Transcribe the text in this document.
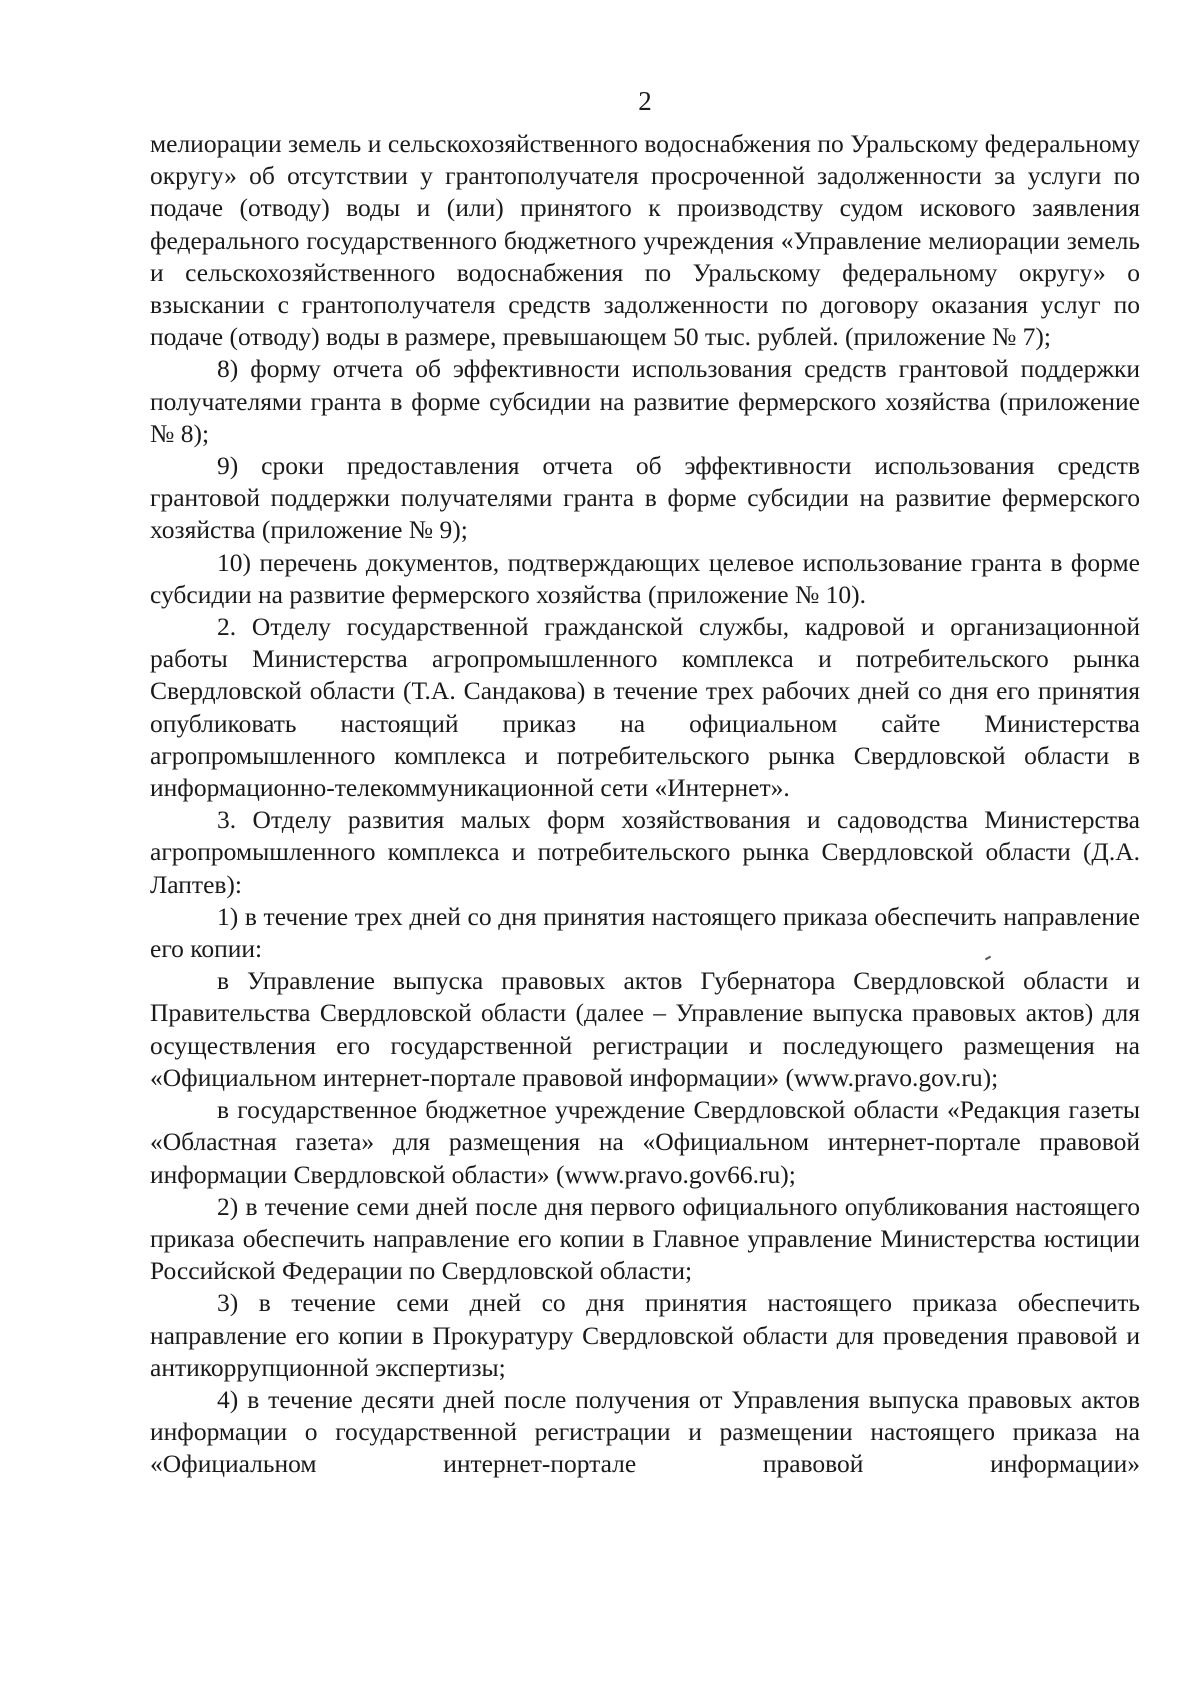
2

мелиорации земель и сельскохозяйственного водоснабжения по Уральскому федеральному округу» об отсутствии у грантополучателя просроченной задолженности за услуги по подаче (отводу) воды и (или) принятого к производству судом искового заявления федерального государственного бюджетного учреждения «Управление мелиорации земель и сельскохозяйственного водоснабжения по Уральскому федеральному округу» о взыскании с грантополучателя средств задолженности по договору оказания услуг по подаче (отводу) воды в размере, превышающем 50 тыс. рублей. (приложение № 7);

8) форму отчета об эффективности использования средств грантовой поддержки получателями гранта в форме субсидии на развитие фермерского хозяйства (приложение № 8);

9) сроки предоставления отчета об эффективности использования средств грантовой поддержки получателями гранта в форме субсидии на развитие фермерского хозяйства (приложение № 9);

10) перечень документов, подтверждающих целевое использование гранта в форме субсидии на развитие фермерского хозяйства (приложение № 10).

2. Отделу государственной гражданской службы, кадровой и организационной работы Министерства агропромышленного комплекса и потребительского рынка Свердловской области (Т.А. Сандакова) в течение трех рабочих дней со дня его принятия опубликовать настоящий приказ на официальном сайте Министерства агропромышленного комплекса и потребительского рынка Свердловской области в информационно-телекоммуникационной сети «Интернет».

3. Отделу развития малых форм хозяйствования и садоводства Министерства агропромышленного комплекса и потребительского рынка Свердловской области (Д.А. Лаптев):

1) в течение трех дней со дня принятия настоящего приказа обеспечить направление его копии:

в Управление выпуска правовых актов Губернатора Свердловской области и Правительства Свердловской области (далее – Управление выпуска правовых актов) для осуществления его государственной регистрации и последующего размещения на «Официальном интернет-портале правовой информации» (www.pravo.gov.ru);

в государственное бюджетное учреждение Свердловской области «Редакция газеты «Областная газета» для размещения на «Официальном интернет-портале правовой информации Свердловской области» (www.pravo.gov66.ru);

2) в течение семи дней после дня первого официального опубликования настоящего приказа обеспечить направление его копии в Главное управление Министерства юстиции Российской Федерации по Свердловской области;

3) в течение семи дней со дня принятия настоящего приказа обеспечить направление его копии в Прокуратуру Свердловской области для проведения правовой и антикоррупционной экспертизы;

4) в течение десяти дней после получения от Управления выпуска правовых актов информации о государственной регистрации и размещении настоящего приказа на «Официальном интернет-портале правовой информации»
